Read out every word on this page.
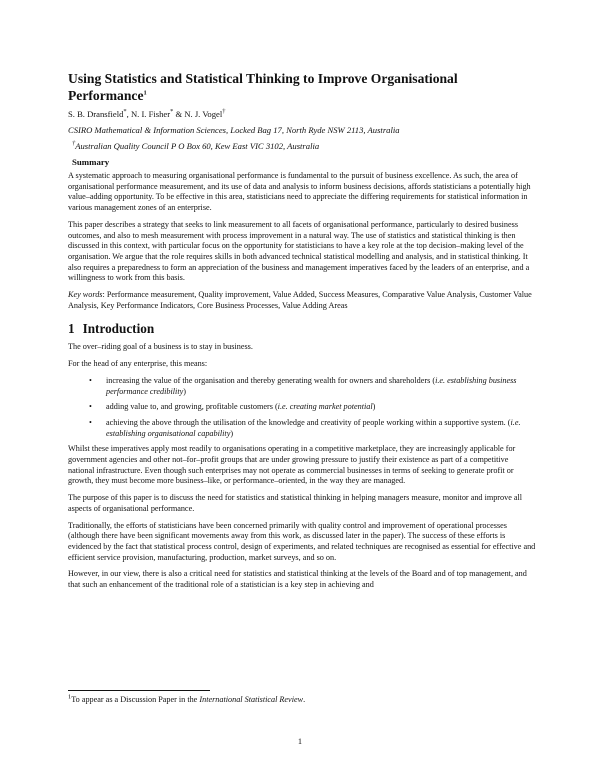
Using Statistics and Statistical Thinking to Improve Organisational
Performance$^1$
S. B. Dransfield*, N. I. Fisher* & N. J. Vogel†
CSIRO Mathematical & Information Sciences, Locked Bag 17, North Ryde NSW 2113, Australia
†Australian Quality Council P O Box 60, Kew East VIC 3102, Australia
Summary

A systematic approach to measuring organisational performance is fundamental to the pursuit of business excellence. As such, the area of organisational performance measurement, and its use of data and analysis to inform business decisions, affords statisticians a potentially high value–adding opportunity. To be effective in this area, statisticians need to appreciate the differing requirements for statistical information in various management zones of an enterprise.

This paper describes a strategy that seeks to link measurement to all facets of organisational performance, particularly to desired business outcomes, and also to mesh measurement with process improvement in a natural way. The use of statistics and statistical thinking is then discussed in this context, with particular focus on the opportunity for statisticians to have a key role at the top decision–making level of the organisation. We argue that the role requires skills in both advanced technical statistical modelling and analysis, and in statistical thinking. It also requires a preparedness to form an appreciation of the business and management imperatives faced by the leaders of an enterprise, and a willingness to work from this basis.

Key words: Performance measurement, Quality improvement, Value Added, Success Measures, Comparative Value Analysis, Customer Value Analysis, Key Performance Indicators, Core Business Processes, Value Adding Areas

1 Introduction

The over–riding goal of a business is to stay in business.

For the head of any enterprise, this means:

• increasing the value of the organisation and thereby generating wealth for owners and shareholders (i.e. establishing business performance credibility)
• adding value to, and growing, profitable customers (i.e. creating market potential)
• achieving the above through the utilisation of the knowledge and creativity of people working within a supportive system. (i.e. establishing organisational capability)

Whilst these imperatives apply most readily to organisations operating in a competitive marketplace, they are increasingly applicable for government agencies and other not–for–profit groups that are under growing pressure to justify their existence as part of a competitive national infrastructure. Even though such enterprises may not operate as commercial businesses in terms of seeking to generate profit or growth, they must become more business–like, or performance–oriented, in the way they are managed.

The purpose of this paper is to discuss the need for statistics and statistical thinking in helping managers measure, monitor and improve all aspects of organisational performance.

Traditionally, the efforts of statisticians have been concerned primarily with quality control and improvement of operational processes (although there have been significant movements away from this work, as discussed later in the paper). The success of these efforts is evidenced by the fact that statistical process control, design of experiments, and related techniques are recognised as essential for effective and efficient service provision, manufacturing, production, market surveys, and so on.

However, in our view, there is also a critical need for statistics and statistical thinking at the levels of the Board and of top management, and that such an enhancement of the traditional role of a statistician is a key step in achieving and

$^1$To appear as a Discussion Paper in the International Statistical Review.
1
